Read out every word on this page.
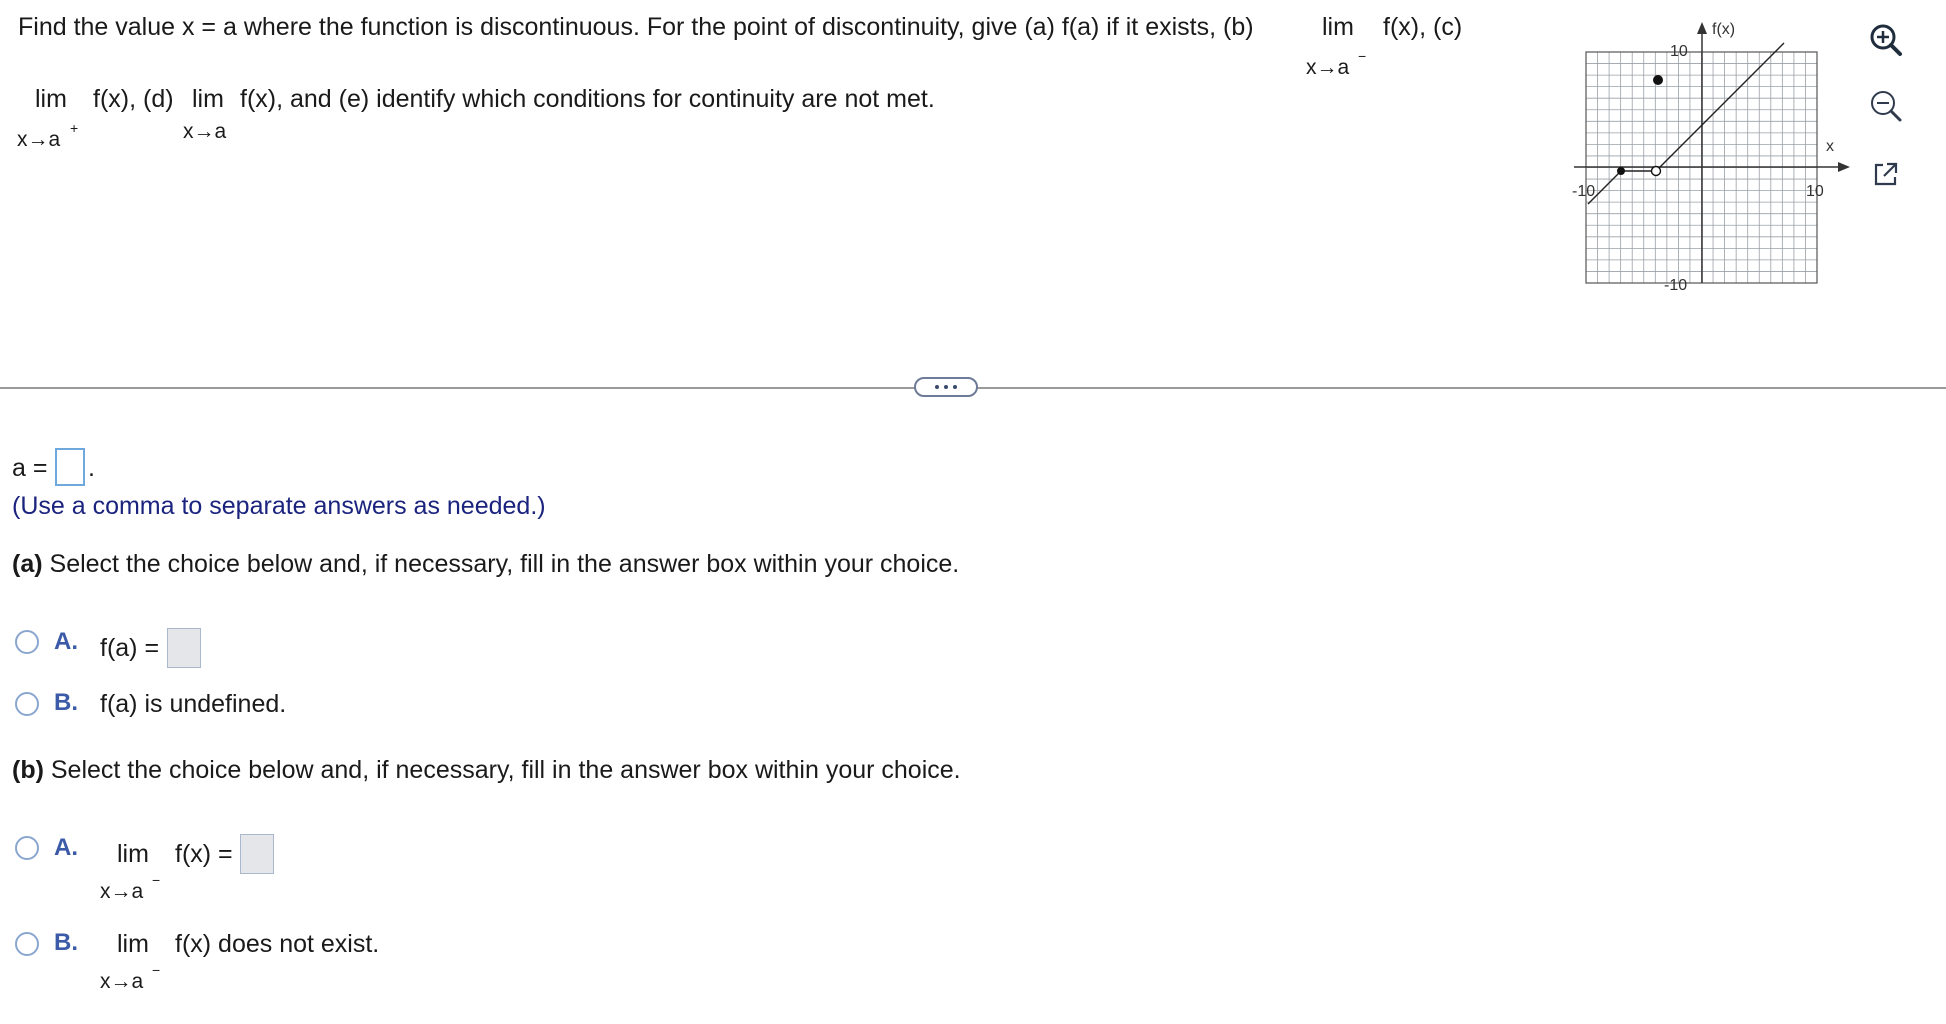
Find the value x = a where the function is discontinuous. For the point of discontinuity, give (a) f(a) if it exists, (b)	lim f(x), (c)
x→a −
lim f(x), (d) lim f(x), and (e) identify which conditions for continuity are not met.
x→a +	x→a
f(x)
x
-10	10
10
-10
a = .
(Use a comma to separate answers as needed.)
(a) Select the choice below and, if necessary, fill in the answer box within your choice.
A. f(a) =
B. f(a) is undefined.
(b) Select the choice below and, if necessary, fill in the answer box within your choice.
A. lim f(x) =
x→a −
B. lim f(x) does not exist.
x→a −
